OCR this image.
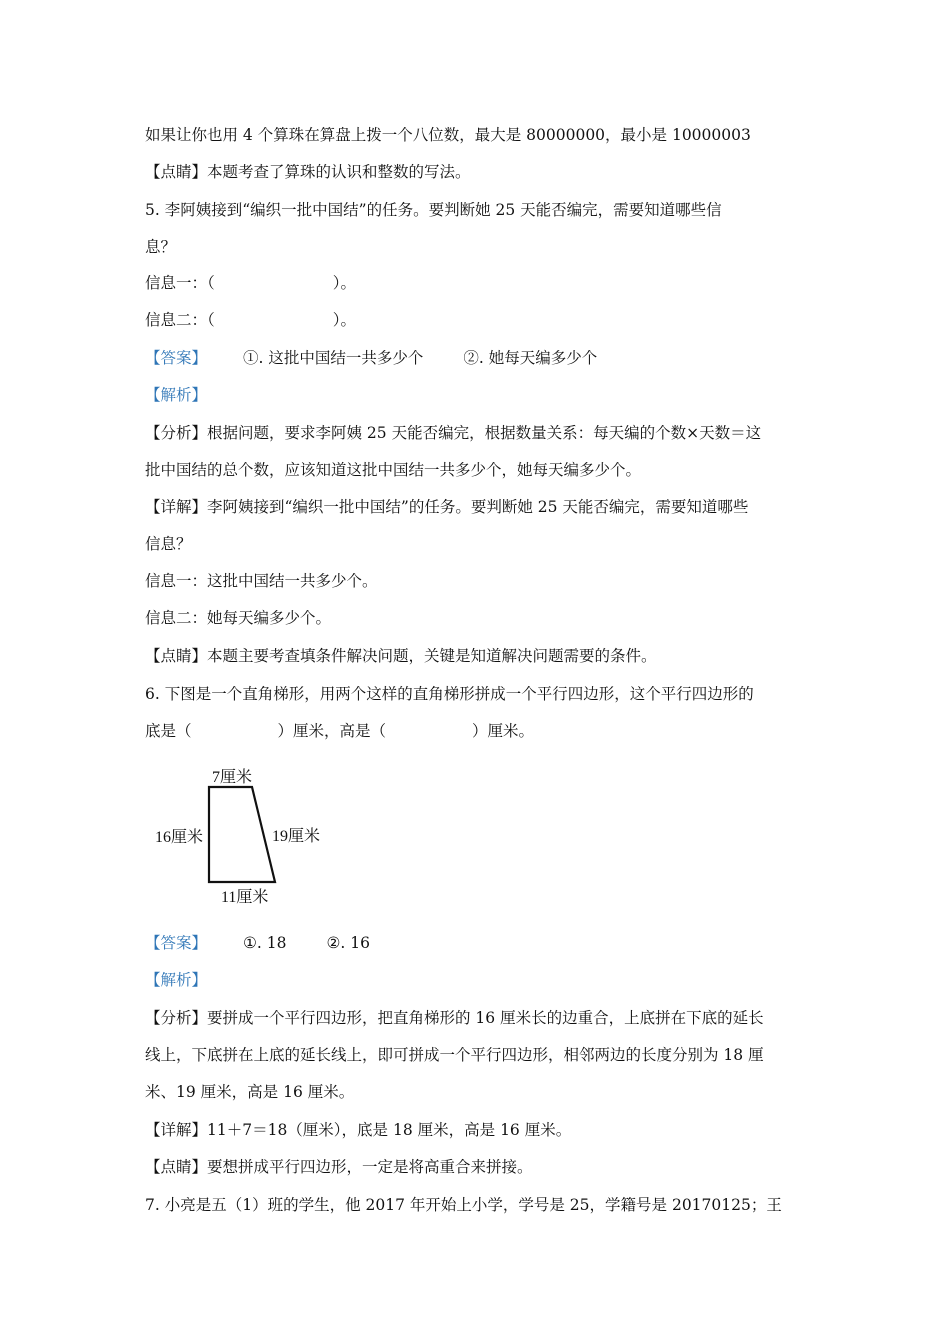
如果让你也用 4 个算珠在算盘上拨一个八位数，最大是 80000000，最小是 10000003
【点睛】本题考查了算珠的认识和整数的写法。
5. 李阿姨接到“编织一批中国结”的任务。要判断她 25 天能否编完，需要知道哪些信
息？
信息一：（	）。
信息二：（	）。
【答案】 ①. 这批中国结一共多少个	②. 她每天编多少个
【解析】
【分析】根据问题，要求李阿姨 25 天能否编完，根据数量关系：每天编的个数×天数＝这
批中国结的总个数，应该知道这批中国结一共多少个，她每天编多少个。
【详解】李阿姨接到“编织一批中国结”的任务。要判断她 25 天能否编完，需要知道哪些
信息？
信息一：这批中国结一共多少个。
信息二：她每天编多少个。
【点睛】本题主要考查填条件解决问题，关键是知道解决问题需要的条件。
6. 下图是一个直角梯形，用两个这样的直角梯形拼成一个平行四边形，这个平行四边形的
底是（	）厘米，高是（	）厘米。
7厘米
16厘米	19厘米
11厘米
【答案】 ①. 18	②. 16
【解析】
【分析】要拼成一个平行四边形，把直角梯形的 16 厘米长的边重合，上底拼在下底的延长
线上，下底拼在上底的延长线上，即可拼成一个平行四边形，相邻两边的长度分别为 18 厘
米、19 厘米，高是 16 厘米。
【详解】11＋7＝18（厘米），底是 18 厘米，高是 16 厘米。
【点睛】要想拼成平行四边形，一定是将高重合来拼接。
7. 小亮是五（1）班的学生，他 2017 年开始上小学，学号是 25，学籍号是 20170125；王
